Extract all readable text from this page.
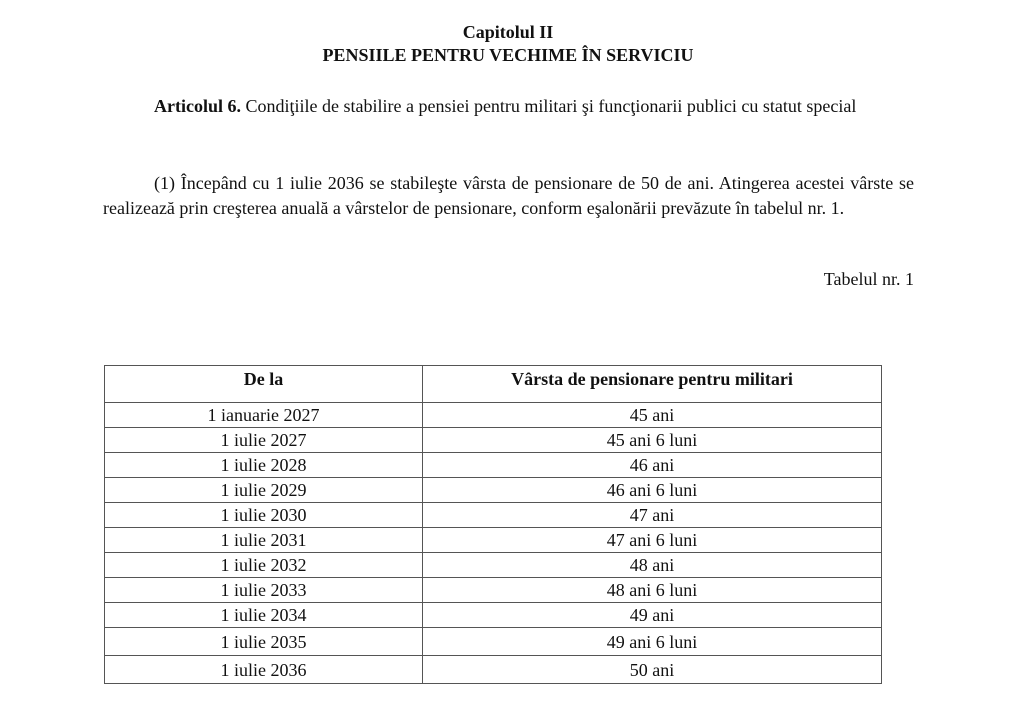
Capitolul II
PENSIILE PENTRU VECHIME ÎN SERVICIU
Articolul 6. Condiţiile de stabilire a pensiei pentru militari şi funcţionarii publici cu statut special
(1) Începând cu 1 iulie 2036 se stabileşte vârsta de pensionare de 50 de ani. Atingerea acestei vârste se realizează prin creşterea anuală a vârstelor de pensionare, conform eşalonării prevăzute în tabelul nr. 1.
Tabelul nr. 1
De la	Vârsta de pensionare pentru militari
1 ianuarie 2027	45 ani
1 iulie 2027	45 ani 6 luni
1 iulie 2028	46 ani
1 iulie 2029	46 ani 6 luni
1 iulie 2030	47 ani
1 iulie 2031	47 ani 6 luni
1 iulie 2032	48 ani
1 iulie 2033	48 ani 6 luni
1 iulie 2034	49 ani
1 iulie 2035	49 ani 6 luni
1 iulie 2036	50 ani
